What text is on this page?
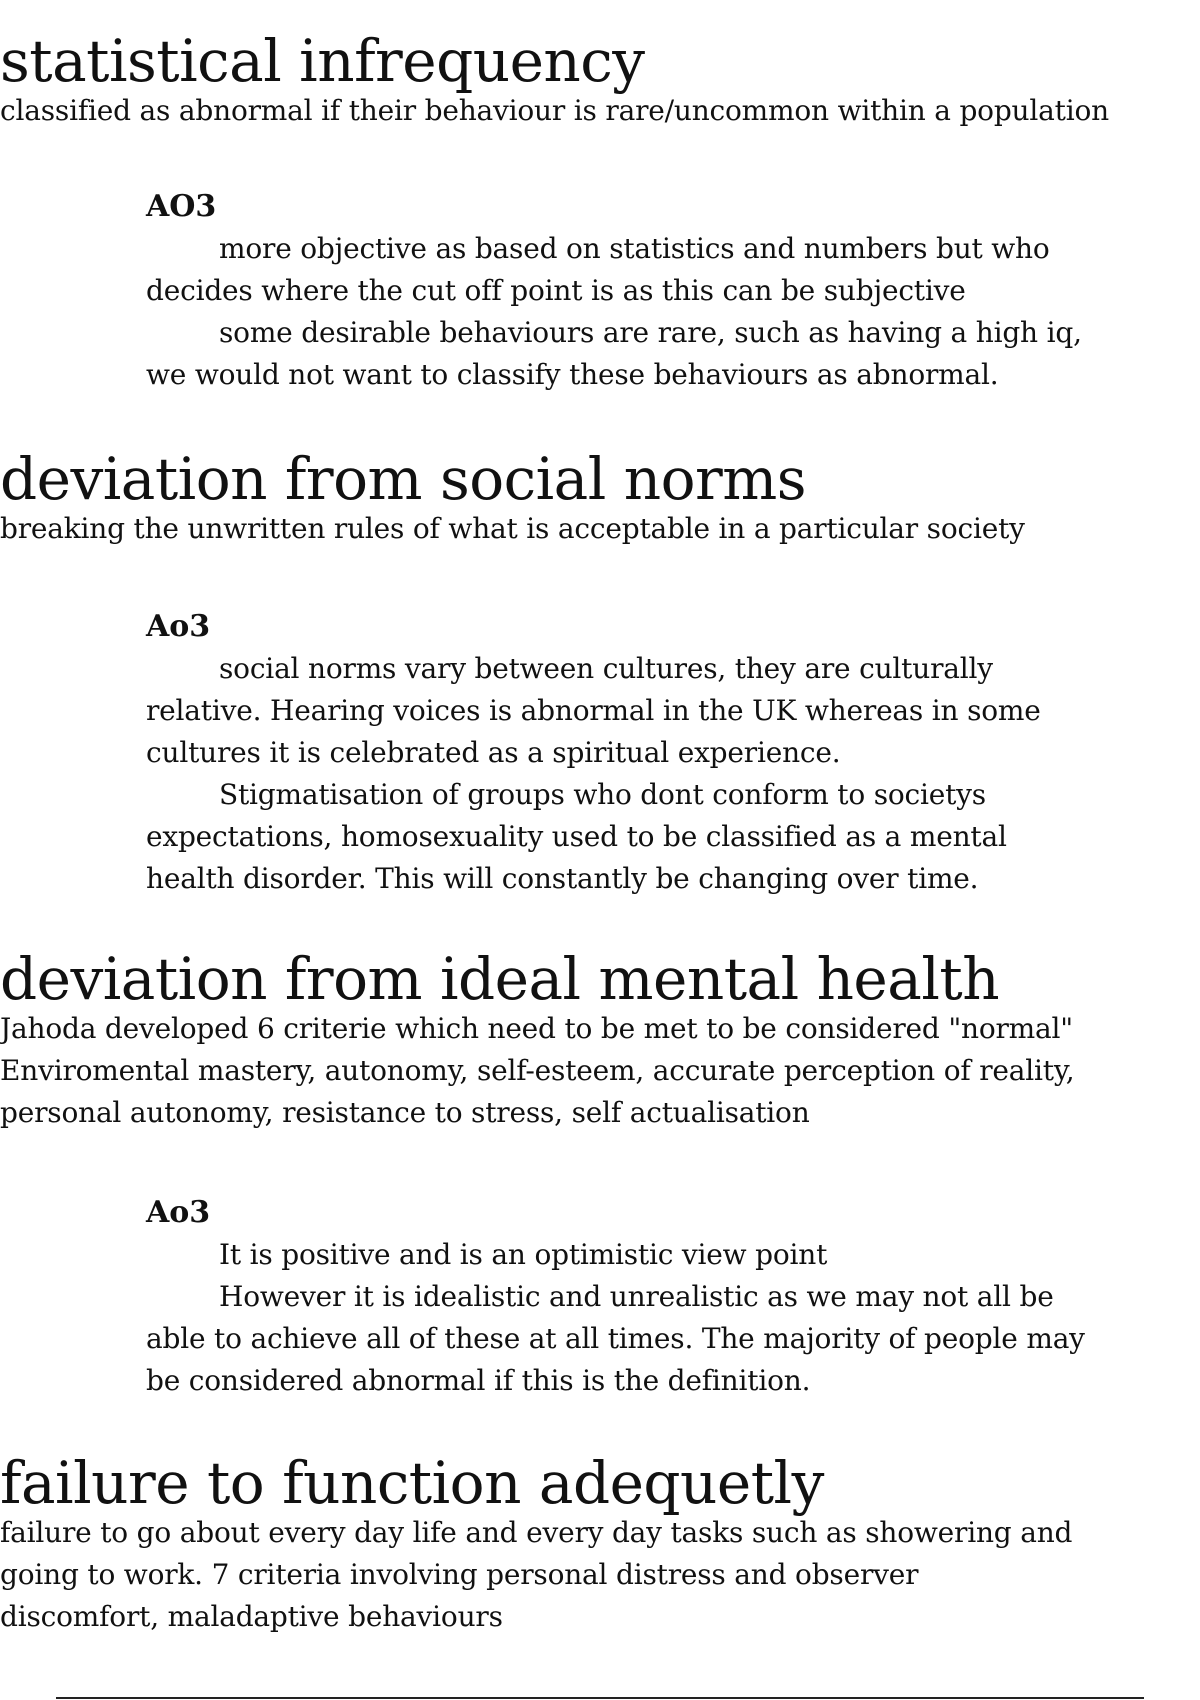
statistical infrequency

classified as abnormal if their behaviour is rare/uncommon within a population

AO3

more objective as based on statistics and numbers but who
decides where the cut off point is as this can be subjective
some desirable behaviours are rare, such as having a high iq,
we would not want to classify these behaviours as abnormal.

deviation from social norms

breaking the unwritten rules of what is acceptable in a particular society

Ao3

social norms vary between cultures, they are culturally
relative. Hearing voices is abnormal in the UK whereas in some
cultures it is celebrated as a spiritual experience.
Stigmatisation of groups who dont conform to societys
expectations, homosexuality used to be classified as a mental
health disorder. This will constantly be changing over time.

deviation from ideal mental health

Jahoda developed 6 criterie which need to be met to be considered "normal"
Enviromental mastery, autonomy, self-esteem, accurate perception of reality,
personal autonomy, resistance to stress, self actualisation

Ao3

It is positive and is an optimistic view point
However it is idealistic and unrealistic as we may not all be
able to achieve all of these at all times. The majority of people may
be considered abnormal if this is the definition.

failure to function adequetly

failure to go about every day life and every day tasks such as showering and
going to work. 7 criteria involving personal distress and observer
discomfort, maladaptive behaviours
